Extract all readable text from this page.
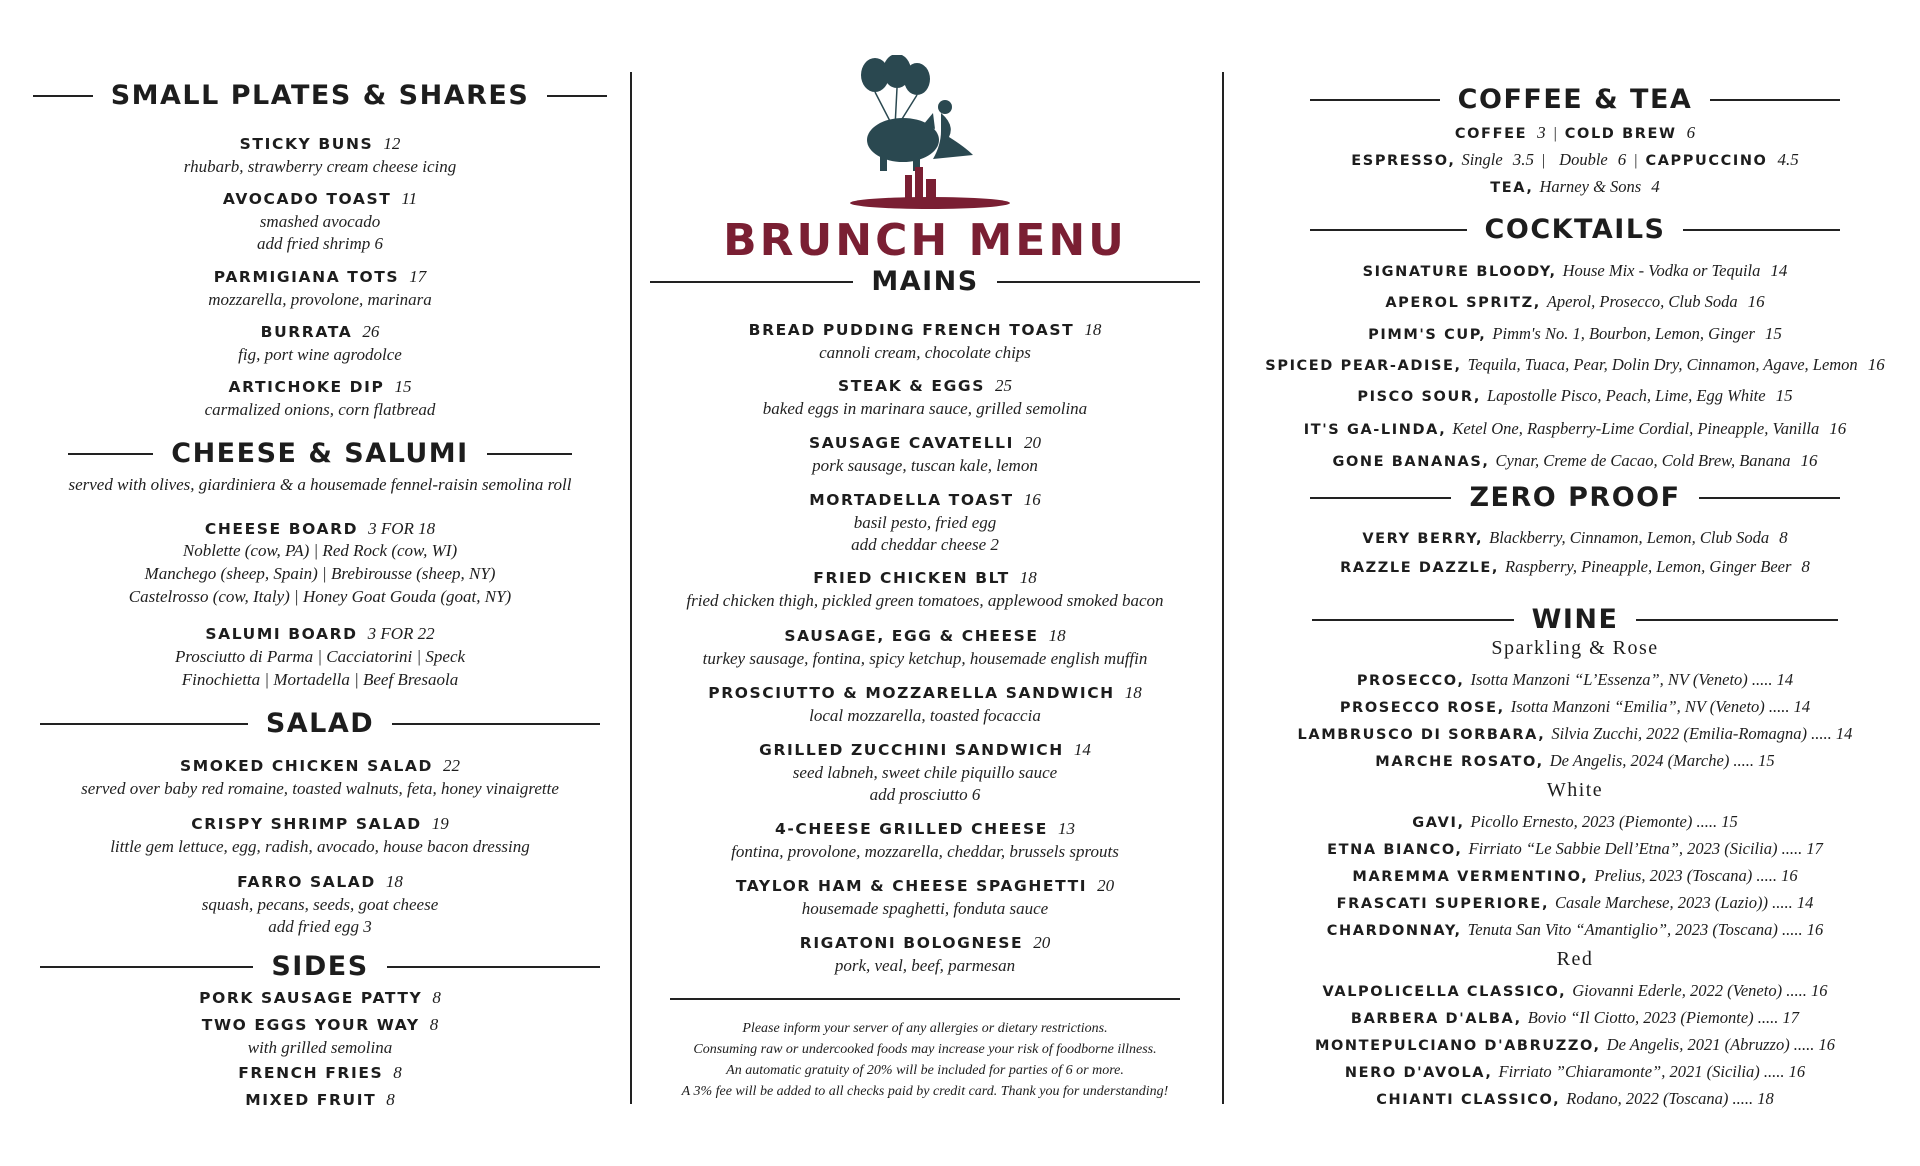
SMALL PLATES & SHARES
STICKY BUNS 12
rhubarb, strawberry cream cheese icing
AVOCADO TOAST 11
smashed avocado
add fried shrimp 6
PARMIGIANA TOTS 17
mozzarella, provolone, marinara
BURRATA 26
fig, port wine agrodolce
ARTICHOKE DIP 15
carmalized onions, corn flatbread
CHEESE & SALUMI
served with olives, giardiniera & a housemade fennel-raisin semolina roll
CHEESE BOARD 3 FOR 18
Noblette (cow, PA) | Red Rock (cow, WI)
Manchego (sheep, Spain) | Brebirousse (sheep, NY)
Castelrosso (cow, Italy) | Honey Goat Gouda (goat, NY)
SALUMI BOARD 3 FOR 22
Prosciutto di Parma | Cacciatorini | Speck
Finochietta | Mortadella | Beef Bresaola
SALAD
SMOKED CHICKEN SALAD 22
served over baby red romaine, toasted walnuts, feta, honey vinaigrette
CRISPY SHRIMP SALAD 19
little gem lettuce, egg, radish, avocado, house bacon dressing
FARRO SALAD 18
squash, pecans, seeds, goat cheese
add fried egg 3
SIDES
PORK SAUSAGE PATTY 8
TWO EGGS YOUR WAY 8
with grilled semolina
FRENCH FRIES 8
MIXED FRUIT 8
BRUNCH MENU
MAINS
BREAD PUDDING FRENCH TOAST 18
cannoli cream, chocolate chips
STEAK & EGGS 25
baked eggs in marinara sauce, grilled semolina
SAUSAGE CAVATELLI 20
pork sausage, tuscan kale, lemon
MORTADELLA TOAST 16
basil pesto, fried egg
add cheddar cheese 2
FRIED CHICKEN BLT 18
fried chicken thigh, pickled green tomatoes, applewood smoked bacon
SAUSAGE, EGG & CHEESE 18
turkey sausage, fontina, spicy ketchup, housemade english muffin
PROSCIUTTO & MOZZARELLA SANDWICH 18
local mozzarella, toasted focaccia
GRILLED ZUCCHINI SANDWICH 14
seed labneh, sweet chile piquillo sauce
add prosciutto 6
4-CHEESE GRILLED CHEESE 13
fontina, provolone, mozzarella, cheddar, brussels sprouts
TAYLOR HAM & CHEESE SPAGHETTI 20
housemade spaghetti, fonduta sauce
RIGATONI BOLOGNESE 20
pork, veal, beef, parmesan
Please inform your server of any allergies or dietary restrictions.
Consuming raw or undercooked foods may increase your risk of foodborne illness.
An automatic gratuity of 20% will be included for parties of 6 or more.
A 3% fee will be added to all checks paid by credit card. Thank you for understanding!
COFFEE & TEA
COFFEE 3 | COLD BREW 6
ESPRESSO, Single 3.5 | Double 6 | CAPPUCCINO 4.5
TEA, Harney & Sons 4
COCKTAILS
SIGNATURE BLOODY, House Mix - Vodka or Tequila 14
APEROL SPRITZ, Aperol, Prosecco, Club Soda 16
PIMM'S CUP, Pimm's No. 1, Bourbon, Lemon, Ginger 15
SPICED PEAR-ADISE, Tequila, Tuaca, Pear, Dolin Dry, Cinnamon, Agave, Lemon 16
PISCO SOUR, Lapostolle Pisco, Peach, Lime, Egg White 15
IT'S GA-LINDA, Ketel One, Raspberry-Lime Cordial, Pineapple, Vanilla 16
GONE BANANAS, Cynar, Creme de Cacao, Cold Brew, Banana 16
ZERO PROOF
VERY BERRY, Blackberry, Cinnamon, Lemon, Club Soda 8
RAZZLE DAZZLE, Raspberry, Pineapple, Lemon, Ginger Beer 8
WINE
Sparkling & Rose
PROSECCO, Isotta Manzoni “L’Essenza”, NV (Veneto) ..... 14
PROSECCO ROSE, Isotta Manzoni “Emilia”, NV (Veneto) ..... 14
LAMBRUSCO DI SORBARA, Silvia Zucchi, 2022 (Emilia-Romagna) ..... 14
MARCHE ROSATO, De Angelis, 2024 (Marche) ..... 15
White
GAVI, Picollo Ernesto, 2023 (Piemonte) ..... 15
ETNA BIANCO, Firriato “Le Sabbie Dell’Etna”, 2023 (Sicilia) ..... 17
MAREMMA VERMENTINO, Prelius, 2023 (Toscana) ..... 16
FRASCATI SUPERIORE, Casale Marchese, 2023 (Lazio)) ..... 14
CHARDONNAY, Tenuta San Vito “Amantiglio”, 2023 (Toscana) ..... 16
Red
VALPOLICELLA CLASSICO, Giovanni Ederle, 2022 (Veneto) ..... 16
BARBERA D'ALBA, Bovio “Il Ciotto, 2023 (Piemonte) ..... 17
MONTEPULCIANO D'ABRUZZO, De Angelis, 2021 (Abruzzo) ..... 16
NERO D'AVOLA, Firriato ”Chiaramonte”, 2021 (Sicilia) ..... 16
CHIANTI CLASSICO, Rodano, 2022 (Toscana) ..... 18
